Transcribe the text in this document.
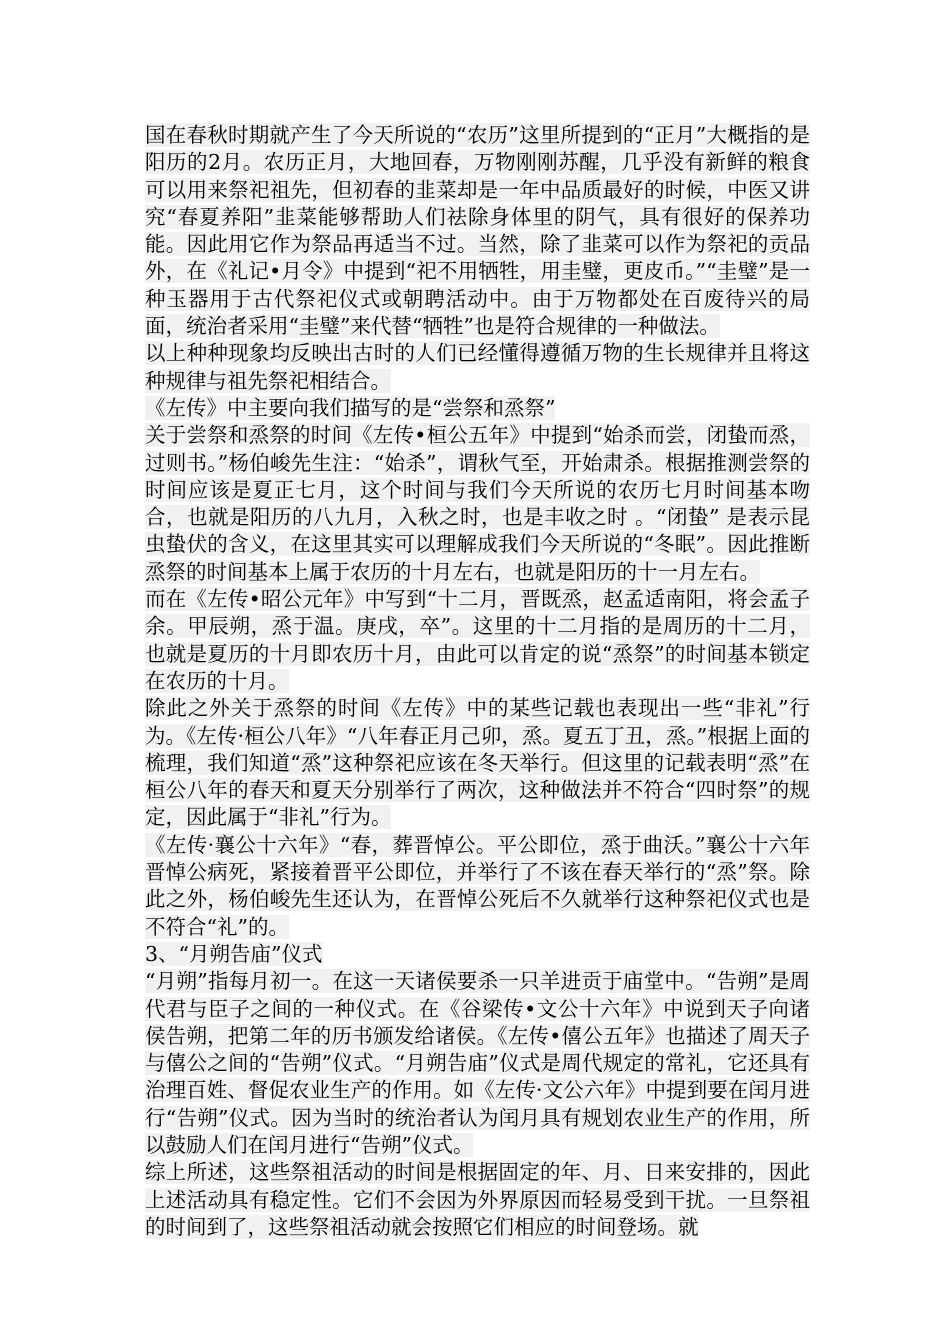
国在春秋时期就产生了今天所说的“农历”这里所提到的“正月”大概指的是阳历的2月。农历正月，大地回春，万物刚刚苏醒，几乎没有新鲜的粮食可以用来祭祀祖先，但初春的韭菜却是一年中品质最好的时候，中医又讲究“春夏养阳”韭菜能够帮助人们祛除身体里的阴气，具有很好的保养功能。因此用它作为祭品再适当不过。当然，除了韭菜可以作为祭祀的贡品外，在《礼记•月令》中提到“祀不用牺牲，用圭璧，更皮币。”“圭璧”是一种玉器用于古代祭祀仪式或朝聘活动中。由于万物都处在百废待兴的局面，统治者采用“圭璧”来代替“牺牲”也是符合规律的一种做法。

以上种种现象均反映出古时的人们已经懂得遵循万物的生长规律并且将这种规律与祖先祭祀相结合。

《左传》中主要向我们描写的是“尝祭和烝祭”

关于尝祭和烝祭的时间《左传•桓公五年》中提到“始杀而尝，闭蛰而烝，过则书。”杨伯峻先生注：“始杀”，谓秋气至，开始肃杀。根据推测尝祭的时间应该是夏正七月，这个时间与我们今天所说的农历七月时间基本吻合，也就是阳历的八九月，入秋之时，也是丰收之时 。“闭蛰” 是表示昆虫蛰伏的含义，在这里其实可以理解成我们今天所说的“冬眠”。因此推断烝祭的时间基本上属于农历的十月左右，也就是阳历的十一月左右。

而在《左传•昭公元年》中写到“十二月，晋既烝，赵孟适南阳，将会孟子余。甲辰朔，烝于温。庚戌，卒”。这里的十二月指的是周历的十二月，也就是夏历的十月即农历十月，由此可以肯定的说“烝祭”的时间基本锁定在农历的十月。

除此之外关于烝祭的时间《左传》中的某些记载也表现出一些“非礼”行为。《左传·桓公八年》“八年春正月己卯，烝。夏五丁丑，烝。”根据上面的梳理，我们知道“烝”这种祭祀应该在冬天举行。但这里的记载表明“烝”在桓公八年的春天和夏天分别举行了两次，这种做法并不符合“四时祭”的规定，因此属于“非礼”行为。

《左传·襄公十六年》“春，葬晋悼公。平公即位，烝于曲沃。”襄公十六年晋悼公病死，紧接着晋平公即位，并举行了不该在春天举行的“烝”祭。除此之外，杨伯峻先生还认为，在晋悼公死后不久就举行这种祭祀仪式也是不符合“礼”的。

3、“月朔告庙”仪式

“月朔”指每月初一。在这一天诸侯要杀一只羊进贡于庙堂中。“告朔”是周代君与臣子之间的一种仪式。在《谷梁传•文公十六年》中说到天子向诸侯告朔，把第二年的历书颁发给诸侯。《左传•僖公五年》也描述了周天子与僖公之间的“告朔”仪式。“月朔告庙”仪式是周代规定的常礼，它还具有治理百姓、督促农业生产的作用。如《左传·文公六年》中提到要在闰月进行“告朔”仪式。因为当时的统治者认为闰月具有规划农业生产的作用，所以鼓励人们在闰月进行“告朔”仪式。

综上所述，这些祭祖活动的时间是根据固定的年、月、日来安排的，因此上述活动具有稳定性。它们不会因为外界原因而轻易受到干扰。一旦祭祖的时间到了，这些祭祖活动就会按照它们相应的时间登场。就
